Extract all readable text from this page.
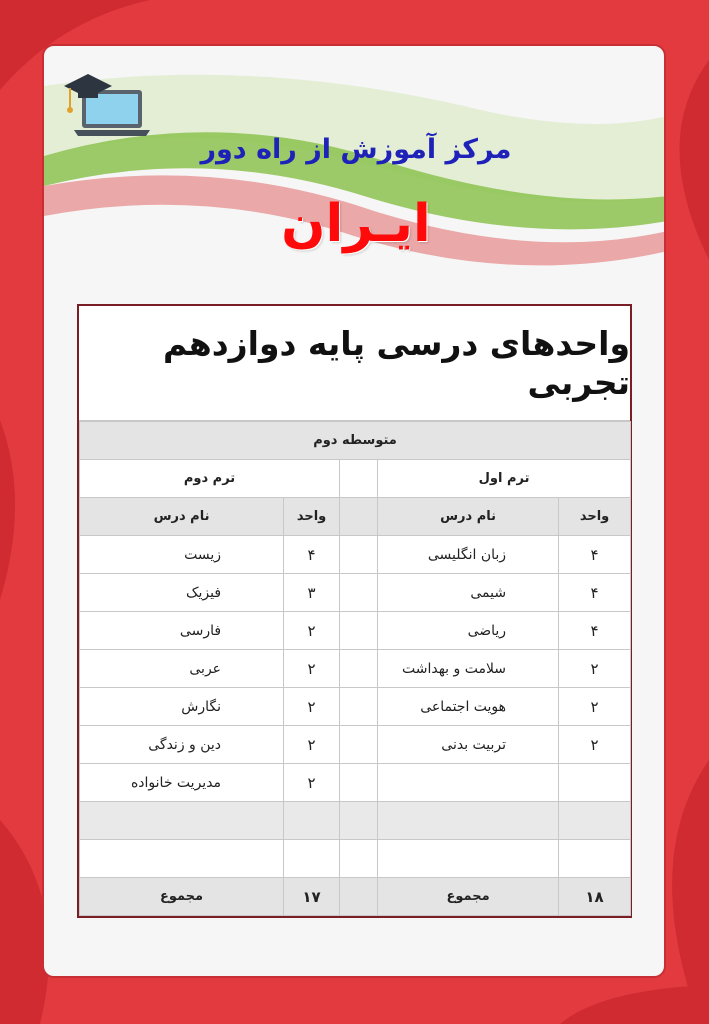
مرکز آموزش از راه دور
ایـران
واحدهای درسی پایه دوازدهم تجربی
متوسطه دوم				
ترم اول			ترم دوم	
واحد	نام درس		واحد	نام درس
۴	زبان انگلیسی		۴	زیست
۴	شیمی		۳	فیزیک
۴	ریاضی		۲	فارسی
۲	سلامت و بهداشت		۲	عربی
۲	هویت اجتماعی		۲	نگارش
۲	تربیت بدنی		۲	دین و زندگی
			۲	مدیریت خانواده

۱۸	مجموع		۱۷	مجموع
